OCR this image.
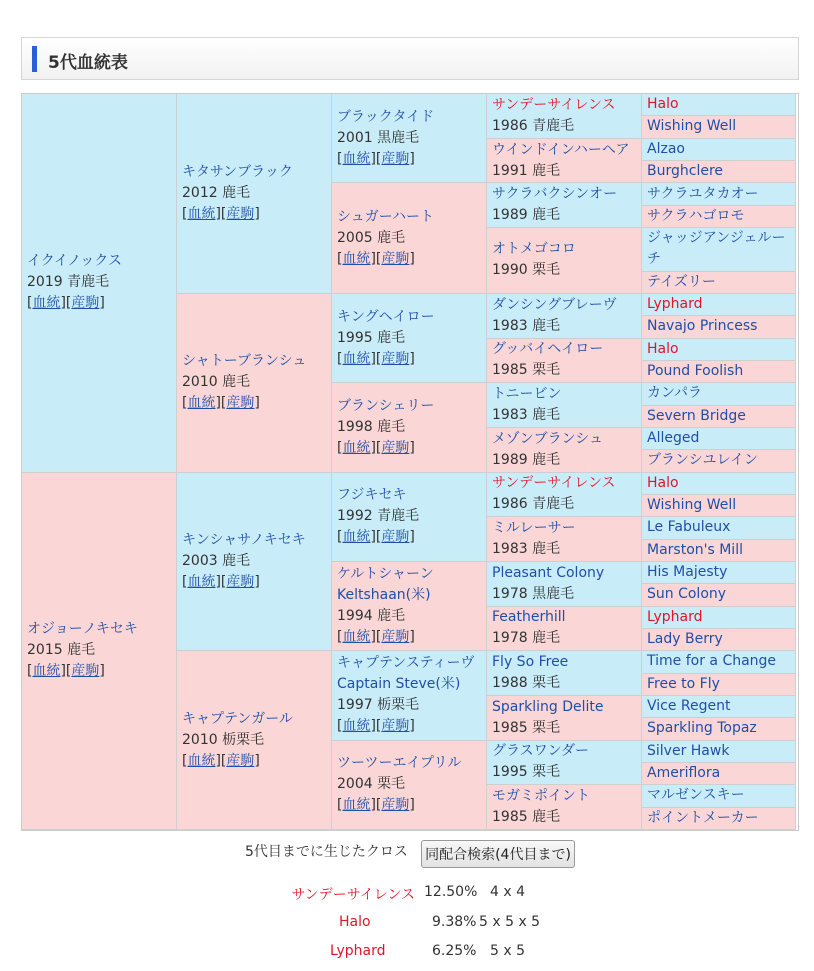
5代血統表
イクイノックス
2019 青鹿毛
[血統][産駒]
オジョーノキセキ
2015 鹿毛
[血統][産駒]
キタサンブラック
2012 鹿毛
[血統][産駒]
シャトーブランシュ
2010 鹿毛
[血統][産駒]
キンシャサノキセキ
2003 鹿毛
[血統][産駒]
キャプテンガール
2010 栃栗毛
[血統][産駒]
ブラックタイド
2001 黒鹿毛
[血統][産駒]
シュガーハート
2005 鹿毛
[血統][産駒]
キングヘイロー
1995 鹿毛
[血統][産駒]
ブランシェリー
1998 鹿毛
[血統][産駒]
フジキセキ
1992 青鹿毛
[血統][産駒]
ケルトシャーン
Keltshaan(米)
1994 鹿毛
[血統][産駒]
キャプテンスティーヴ
Captain Steve(米)
1997 栃栗毛
[血統][産駒]
ツーツーエイプリル
2004 栗毛
[血統][産駒]
サンデーサイレンス
1986 青鹿毛
ウインドインハーヘア
1991 鹿毛
サクラバクシンオー
1989 鹿毛
オトメゴコロ
1990 栗毛
ダンシングブレーヴ
1983 鹿毛
グッバイヘイロー
1985 栗毛
トニービン
1983 鹿毛
メゾンブランシュ
1989 鹿毛
サンデーサイレンス
1986 青鹿毛
ミルレーサー
1983 鹿毛
Pleasant Colony
1978 黒鹿毛
Featherhill
1978 鹿毛
Fly So Free
1988 栗毛
Sparkling Delite
1985 栗毛
グラスワンダー
1995 栗毛
モガミポイント
1985 鹿毛
Halo
Wishing Well
Alzao
Burghclere
サクラユタカオー
サクラハゴロモ
ジャッジアンジェルーチ
テイズリー
Lyphard
Navajo Princess
Halo
Pound Foolish
カンパラ
Severn Bridge
Alleged
ブランシユレイン
Halo
Wishing Well
Le Fabuleux
Marston's Mill
His Majesty
Sun Colony
Lyphard
Lady Berry
Time for a Change
Free to Fly
Vice Regent
Sparkling Topaz
Silver Hawk
Ameriflora
マルゼンスキー
ポイントメーカー
5代目までに生じたクロス 同配合検索(4代目まで)
サンデーサイレンス 12.50% 4 x 4
Halo	9.38% 5 x 5 x 5
Lyphard	6.25% 5 x 5
